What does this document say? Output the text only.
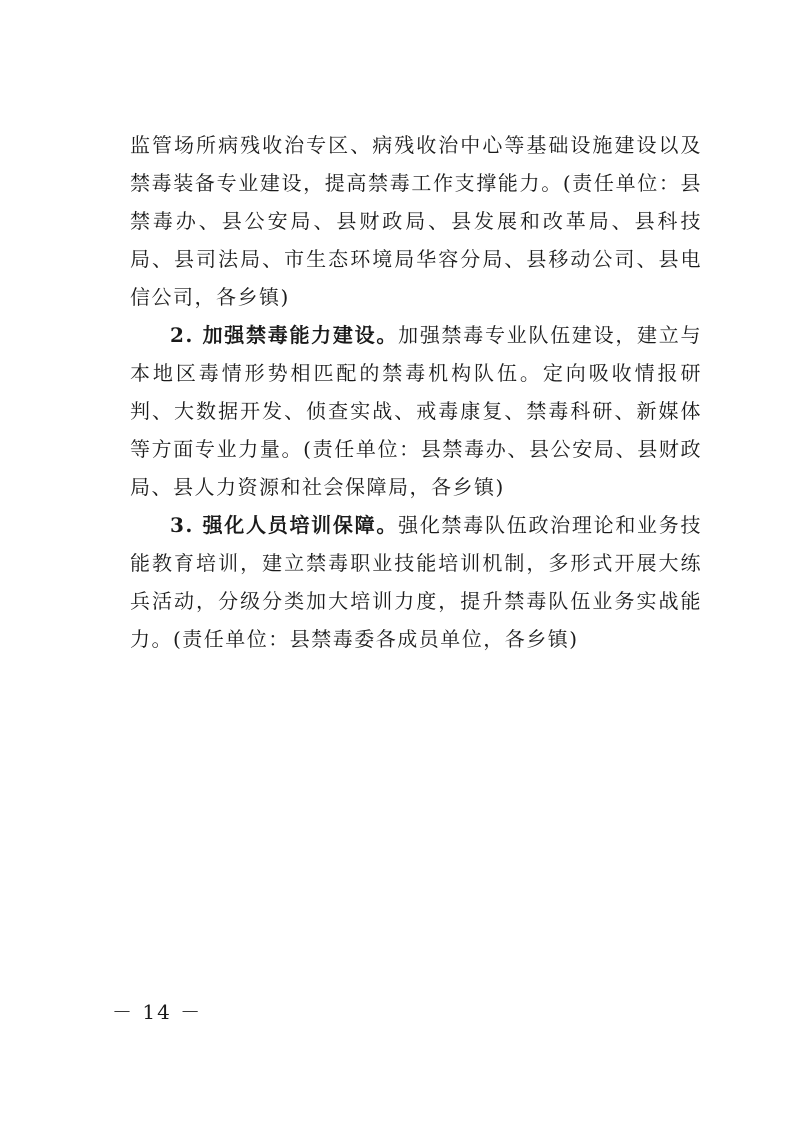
监管场所病残收治专区、病残收治中心等基础设施建设以及禁毒装备专业建设，提高禁毒工作支撑能力。(责任单位：县禁毒办、县公安局、县财政局、县发展和改革局、县科技局、县司法局、市生态环境局华容分局、县移动公司、县电信公司，各乡镇)

2. 加强禁毒能力建设。加强禁毒专业队伍建设，建立与本地区毒情形势相匹配的禁毒机构队伍。定向吸收情报研判、大数据开发、侦查实战、戒毒康复、禁毒科研、新媒体等方面专业力量。(责任单位：县禁毒办、县公安局、县财政局、县人力资源和社会保障局，各乡镇)

3. 强化人员培训保障。强化禁毒队伍政治理论和业务技能教育培训，建立禁毒职业技能培训机制，多形式开展大练兵活动，分级分类加大培训力度，提升禁毒队伍业务实战能力。(责任单位：县禁毒委各成员单位，各乡镇)

－ 14 －
